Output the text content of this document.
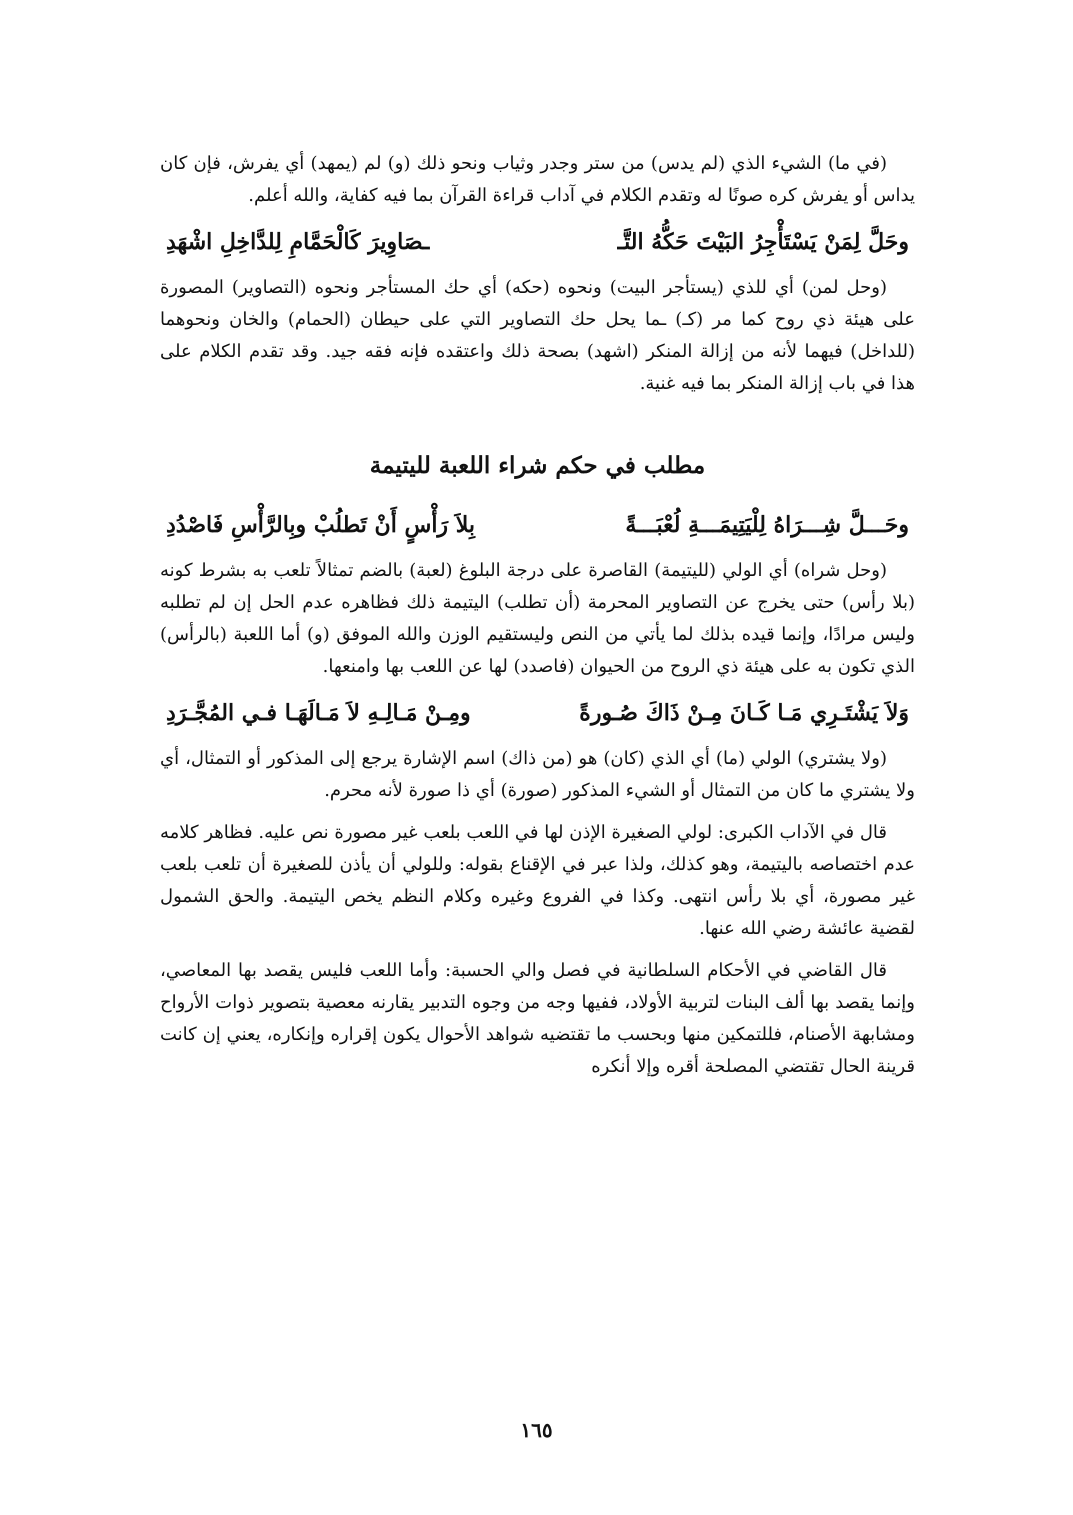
(في ما) الشيء الذي (لم يدس) من ستر وجدر وثياب ونحو ذلك (و) لم (يمهد) أي يفرش، فإن كان يداس أو يفرش كره صونًا له وتقدم الكلام في آداب قراءة القرآن بما فيه كفاية، والله أعلم.

وحَلَّ لِمَنْ يَسْتَأْجِرُ البَيْتَ حَكُّهُ التَّـ
ـصَاوِيرَ كَالْحَمَّامِ لِلدَّاخِلِ اشْهَدِ

(وحل لمن) أي للذي (يستأجر البيت) ونحوه (حكه) أي حك المستأجر ونحوه (التصاوير) المصورة على هيئة ذي روح كما مر (كـ) ـما يحل حك التصاوير التي على حيطان (الحمام) والخان ونحوهما (للداخل) فيهما لأنه من إزالة المنكر (اشهد) بصحة ذلك واعتقده فإنه فقه جيد. وقد تقدم الكلام على هذا في باب إزالة المنكر بما فيه غنية.

مطلب في حكم شراء اللعبة لليتيمة
وحَـــلَّ شِـــرَاهُ لِلْيَتِيمَـــةِ لُعْبَـــةً
بِلاَ رَأْسٍ أَنْ تَطلُبْ وبِالرَّأْسِ فَاصْدُدِ

(وحل شراه) أي الولي (لليتيمة) القاصرة على درجة البلوغ (لعبة) بالضم تمثالاً تلعب به بشرط كونه (بلا رأس) حتى يخرج عن التصاوير المحرمة (أن تطلب) اليتيمة ذلك فظاهره عدم الحل إن لم تطلبه وليس مرادًا، وإنما قيده بذلك لما يأتي من النص وليستقيم الوزن والله الموفق (و) أما اللعبة (بالرأس) الذي تكون به على هيئة ذي الروح من الحيوان (فاصدد) لها عن اللعب بها وامنعها.

وَلاَ يَشْتَـرِي مَـا كَـانَ مِـنْ ذَاكَ صُـورةً
ومِـنْ مَـالِـهِ لاَ مَـالَهَـا فـي المُجَّـرَدِ

(ولا يشتري) الولي (ما) أي الذي (كان) هو (من ذاك) اسم الإشارة يرجع إلى المذكور أو التمثال، أي ولا يشتري ما كان من التمثال أو الشيء المذكور (صورة) أي ذا صورة لأنه محرم.

قال في الآداب الكبرى: لولي الصغيرة الإذن لها في اللعب بلعب غير مصورة نص عليه. فظاهر كلامه عدم اختصاصه باليتيمة، وهو كذلك، ولذا عبر في الإقناع بقوله: وللولي أن يأذن للصغيرة أن تلعب بلعب غير مصورة، أي بلا رأس انتهى. وكذا في الفروع وغيره وكلام النظم يخص اليتيمة. والحق الشمول لقضية عائشة رضي الله عنها.

قال القاضي في الأحكام السلطانية في فصل والي الحسبة: وأما اللعب فليس يقصد بها المعاصي، وإنما يقصد بها ألف البنات لتربية الأولاد، ففيها وجه من وجوه التدبير يقارنه معصية بتصوير ذوات الأرواح ومشابهة الأصنام، فللتمكين منها وبحسب ما تقتضيه شواهد الأحوال يكون إقراره وإنكاره، يعني إن كانت قرينة الحال تقتضي المصلحة أقره وإلا أنكره

١٦٥
